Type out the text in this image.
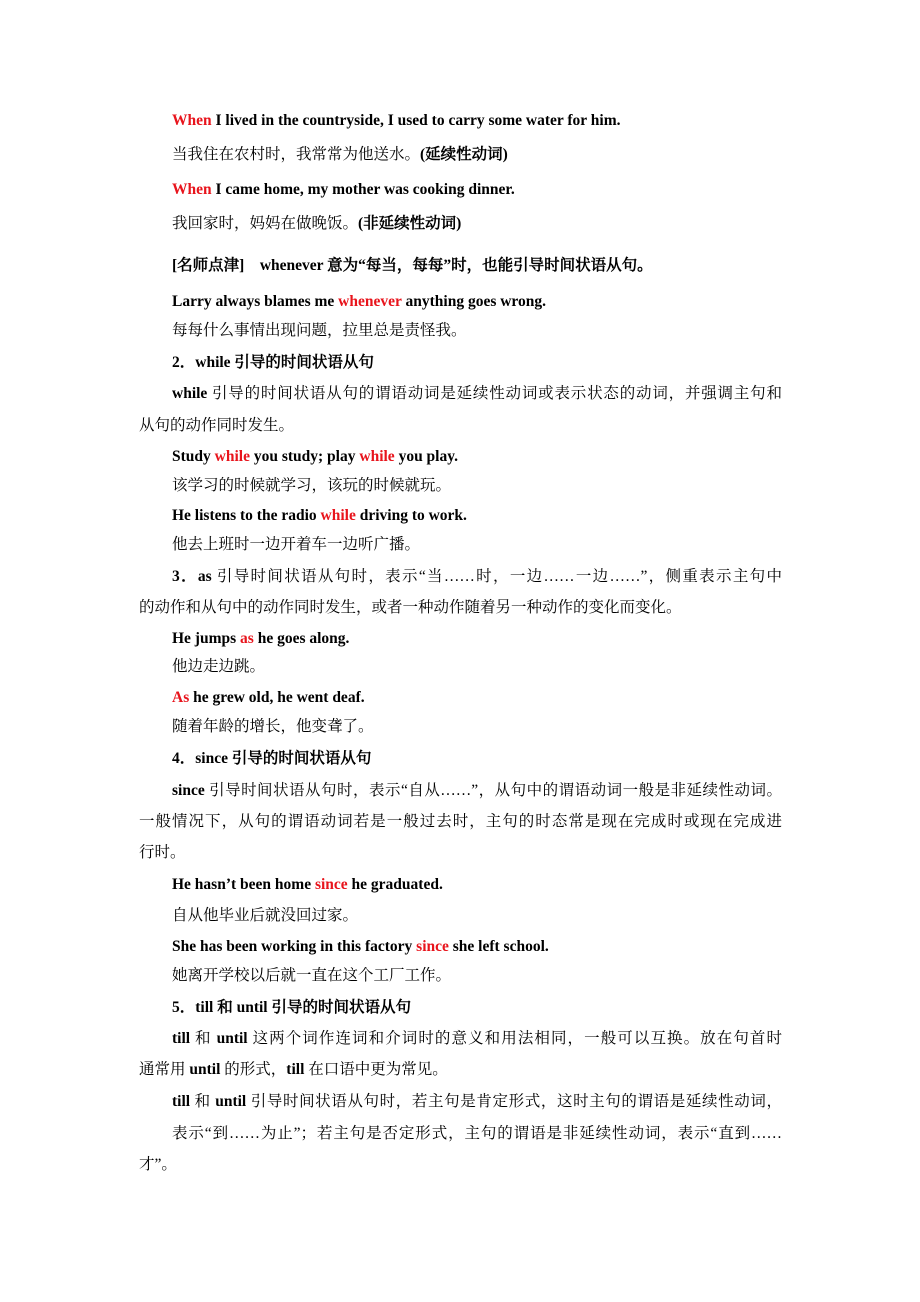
When I lived in the countryside, I used to carry some water for him.
当我住在农村时，我常常为他送水。(延续性动词)
When I came home, my mother was cooking dinner.
我回家时，妈妈在做晚饭。(非延续性动词)
[名师点津]　whenever 意为“每当，每每”时，也能引导时间状语从句。
Larry always blames me whenever anything goes wrong.
每每什么事情出现问题，拉里总是责怪我。
2．while 引导的时间状语从句
while 引导的时间状语从句的谓语动词是延续性动词或表示状态的动词，并强调主句和
从句的动作同时发生。
Study while you study; play while you play.
该学习的时候就学习，该玩的时候就玩。
He listens to the radio while driving to work.
他去上班时一边开着车一边听广播。
3．as 引导时间状语从句时，表示“当……时，一边……一边……”，侧重表示主句中
的动作和从句中的动作同时发生，或者一种动作随着另一种动作的变化而变化。
He jumps as he goes along.
他边走边跳。
As he grew old, he went deaf.
随着年龄的增长，他变聋了。
4．since 引导的时间状语从句
since 引导时间状语从句时，表示“自从……”，从句中的谓语动词一般是非延续性动词。
一般情况下，从句的谓语动词若是一般过去时，主句的时态常是现在完成时或现在完成进
行时。
He hasn’t been home since he graduated.
自从他毕业后就没回过家。
She has been working in this factory since she left school.
她离开学校以后就一直在这个工厂工作。
5．till 和 until 引导的时间状语从句
till 和 until 这两个词作连词和介词时的意义和用法相同，一般可以互换。放在句首时
通常用 until 的形式，till 在口语中更为常见。
till 和 until 引导时间状语从句时，若主句是肯定形式，这时主句的谓语是延续性动词，
表示“到……为止”；若主句是否定形式，主句的谓语是非延续性动词，表示“直到……
才”。
